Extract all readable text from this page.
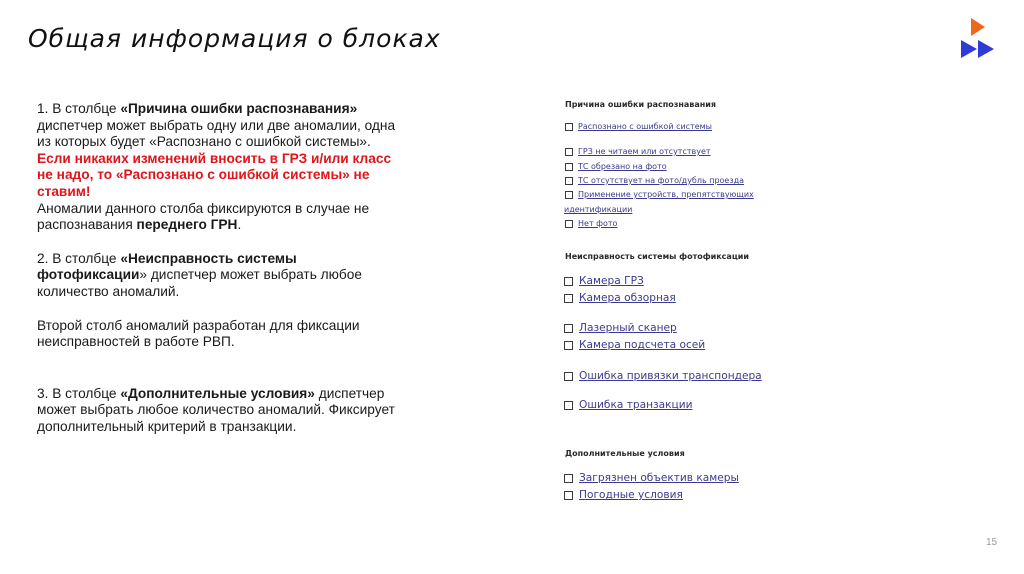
Общая информация о блоках

1. В столбце «Причина ошибки распознавания» диспетчер может выбрать одну или две аномалии, одна из которых будет «Распознано с ошибкой системы».

Если никаких изменений вносить в ГРЗ и/или класс не надо, то «Распознано с ошибкой системы» не ставим!

Аномалии данного столба фиксируются в случае не распознавания переднего ГРН.

2. В столбце «Неисправность системы фотофиксации» диспетчер может выбрать любое количество аномалий.

Второй столб аномалий разработан для фиксации неисправностей в работе РВП.

3. В столбце «Дополнительные условия» диспетчер может выбрать любое количество аномалий. Фиксирует дополнительный критерий в транзакции.

Причина ошибки распознавания
Распознано с ошибкой системы
ГРЗ не читаем или отсутствует
ТС обрезано на фото
ТС отсутствует на фото/дубль проезда
Применение устройств, препятствующих
идентификации
Нет фото
Неисправность системы фотофиксации
Камера ГРЗ
Камера обзорная
Лазерный сканер
Камера подсчета осей
Ошибка привязки транспондера
Ошибка транзакции
Дополнительные условия
Загрязнен объектив камеры
Погодные условия
15
